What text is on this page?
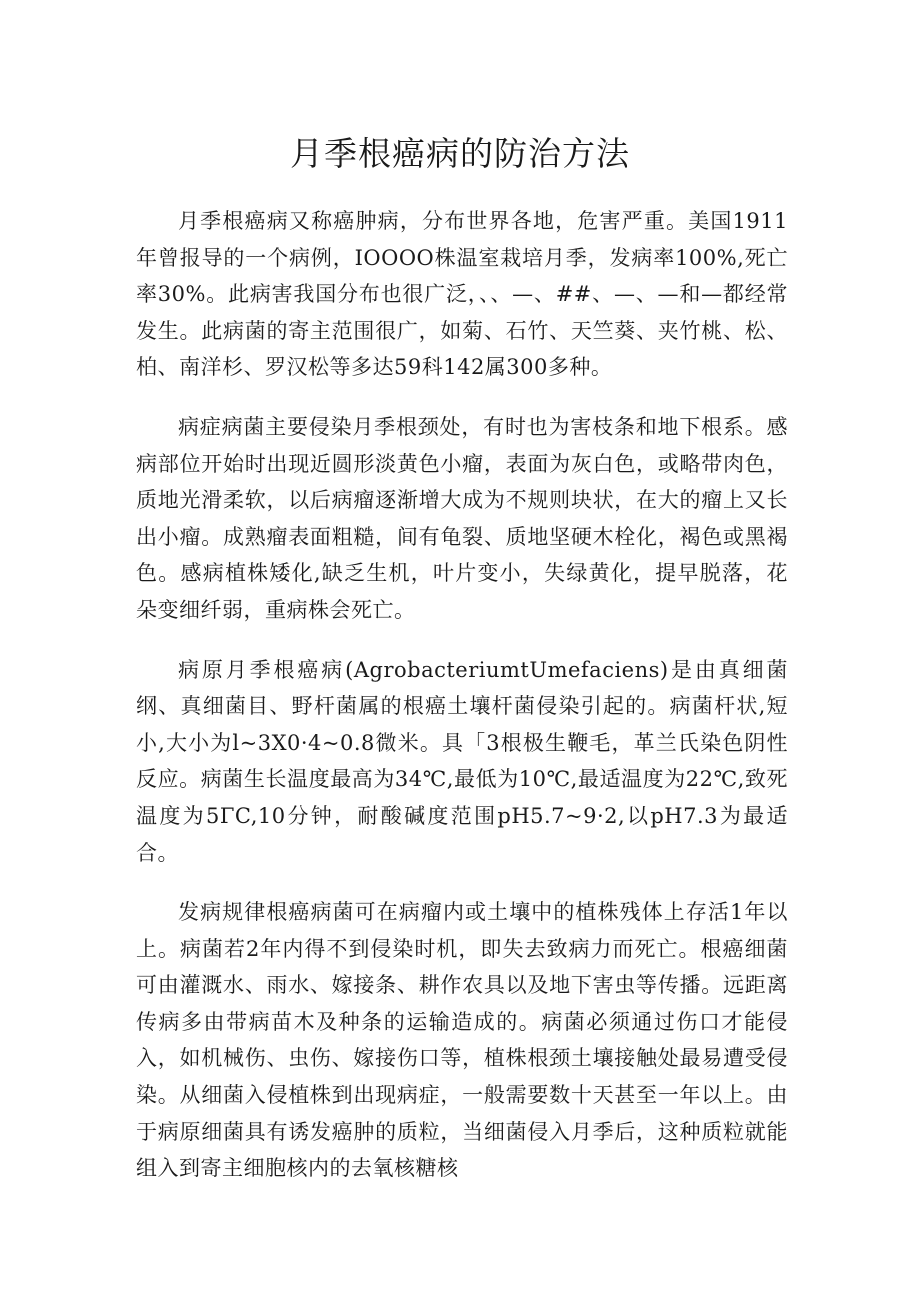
月季根癌病的防治方法

月季根癌病又称癌肿病，分布世界各地，危害严重。美国1911年曾报导的一个病例，IOOOO株温室栽培月季，发病率100%,死亡率30%。此病害我国分布也很广泛，、、—、##、—、—和—都经常发生。此病菌的寄主范围很广，如菊、石竹、天竺葵、夹竹桃、松、柏、南洋杉、罗汉松等多达59科142属300多种。

病症病菌主要侵染月季根颈处，有时也为害枝条和地下根系。感病部位开始时出现近圆形淡黄色小瘤，表面为灰白色，或略带肉色，质地光滑柔软，以后病瘤逐渐增大成为不规则块状，在大的瘤上又长出小瘤。成熟瘤表面粗糙，间有龟裂、质地坚硬木栓化，褐色或黑褐色。感病植株矮化,缺乏生机，叶片变小，失绿黄化，提早脱落，花朵变细纤弱，重病株会死亡。

病原月季根癌病(AgrobacteriumtUmefaciens)是由真细菌纲、真细菌目、野杆菌属的根癌土壤杆菌侵染引起的。病菌杆状,短小,大小为l~3X0·4~0.8微米。具「3根极生鞭毛，革兰氏染色阴性反应。病菌生长温度最高为34℃,最低为10℃,最适温度为22℃,致死温度为5ΓC,10分钟，耐酸碱度范围pH5.7~9·2,以pH7.3为最适合。

发病规律根癌病菌可在病瘤内或土壤中的植株残体上存活1年以上。病菌若2年内得不到侵染时机，即失去致病力而死亡。根癌细菌可由灌溉水、雨水、嫁接条、耕作农具以及地下害虫等传播。远距离传病多由带病苗木及种条的运输造成的。病菌必须通过伤口才能侵入，如机械伤、虫伤、嫁接伤口等，植株根颈土壤接触处最易遭受侵染。从细菌入侵植株到出现病症，一般需要数十天甚至一年以上。由于病原细菌具有诱发癌肿的质粒，当细菌侵入月季后，这种质粒就能组入到寄主细胞核内的去氧核糖核
